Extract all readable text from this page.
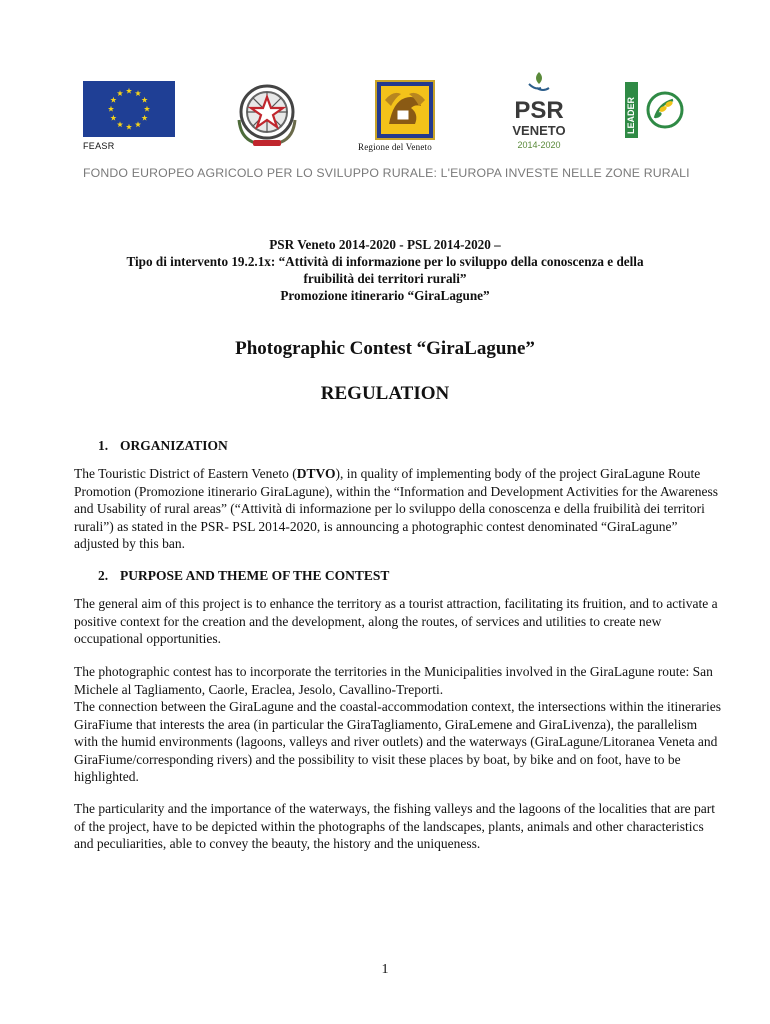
FEASR	Regione del Veneto
PSR
VENETO
2014-2020
LEADER
FONDO EUROPEO AGRICOLO PER LO SVILUPPO RURALE: L'EUROPA INVESTE NELLE ZONE RURALI
PSR Veneto 2014-2020 - PSL 2014-2020 –
Tipo di intervento 19.2.1x: “Attività di informazione per lo sviluppo della conoscenza e della
fruibilità dei territori rurali”
Promozione itinerario “GiraLagune”
Photographic Contest “GiraLagune”
REGULATION
1. ORGANIZATION
The Touristic District of Eastern Veneto (DTVO), in quality of implementing body of the project GiraLagune Route Promotion (Promozione itinerario GiraLagune), within the “Information and Development Activities for the Awareness and Usability of rural areas” (“Attività di informazione per lo sviluppo della conoscenza e della fruibilità dei territori rurali”) as stated in the PSR- PSL 2014-2020, is announcing a photographic contest denominated “GiraLagune” adjusted by this ban.
2. PURPOSE AND THEME OF THE CONTEST
The general aim of this project is to enhance the territory as a tourist attraction, facilitating its fruition, and to activate a positive context for the creation and the development, along the routes, of services and utilities to create new occupational opportunities.
The photographic contest has to incorporate the territories in the Municipalities involved in the GiraLagune route: San Michele al Tagliamento, Caorle, Eraclea, Jesolo, Cavallino-Treporti.
The connection between the GiraLagune and the coastal-accommodation context, the intersections within the itineraries GiraFiume that interests the area (in particular the GiraTagliamento, GiraLemene and GiraLivenza), the parallelism with the humid environments (lagoons, valleys and river outlets) and the waterways (GiraLagune/Litoranea Veneta and GiraFiume/corresponding rivers) and the possibility to visit these places by boat, by bike and on foot, have to be highlighted.
The particularity and the importance of the waterways, the fishing valleys and the lagoons of the localities that are part of the project, have to be depicted within the photographs of the landscapes, plants, animals and other characteristics and peculiarities, able to convey the beauty, the history and the uniqueness.
1
